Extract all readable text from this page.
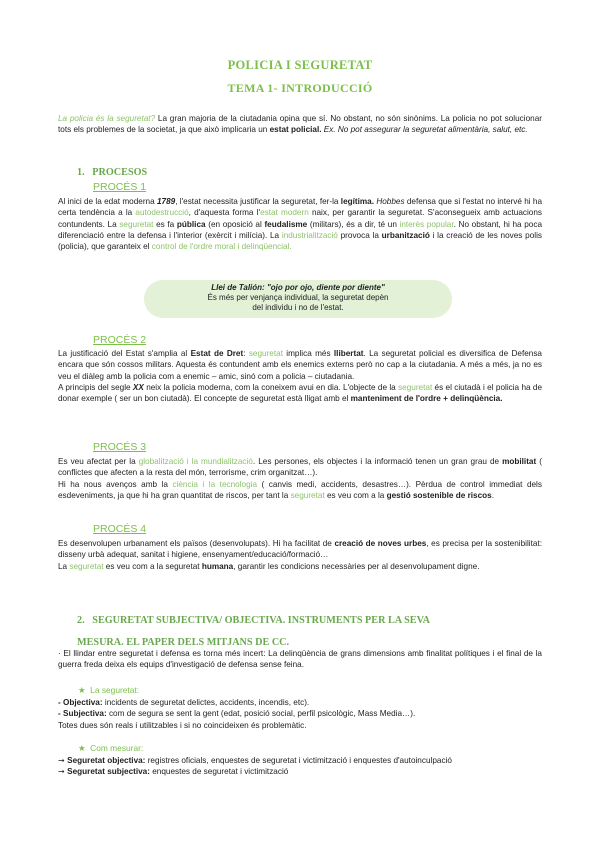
POLICIA I SEGURETAT
TEMA 1- INTRODUCCIÓ
La policia és la seguretat? La gran majoria de la ciutadania opina que sí. No obstant, no són sinònims. La policia no pot solucionar tots els problemes de la societat, ja que això implicaria un estat policial. Ex. No pot assegurar la seguretat alimentària, salut, etc.
1. PROCESOS
PROCÉS 1
Al inici de la edat moderna 1789, l'estat necessita justificar la seguretat, fer-la legítima. Hobbes defensa que si l'estat no intervé hi ha certa tendència a la autodestrucció, d'aquesta forma l'estat modern naix, per garantir la seguretat. S'aconsegueix amb actuacions contundents. La seguretat es fa pública (en oposició al feudalisme (militars), és a dir, té un interès popular. No obstant, hi ha poca diferenciació entre la defensa i l'interior (exèrcit i milícia). La industrialització provoca la urbanització i la creació de les noves polis (policia), que garanteix el control de l'ordre moral i delinqüencial.
Llei de Talión: "ojo por ojo, diente por diente"
És més per venjança individual, la seguretat depèn
del individu i no de l'estat.
PROCÉS 2
La justificació del Estat s'amplia al Estat de Dret: seguretat implica més llibertat. La seguretat policial es diversifica de Defensa encara que són cossos militars. Aquesta és contundent amb els enemics externs però no cap a la ciutadania. A més a més, ja no es veu el diàleg amb la policia com a enemic – amic, sinó com a policia – ciutadania.
A principis del segle XX neix la policia moderna, com la coneixem avui en dia. L'objecte de la seguretat és el ciutadà i el policia ha de donar exemple ( ser un bon ciutadà). El concepte de seguretat està lligat amb el manteniment de l'ordre + delinqüència.
PROCÉS 3
Es veu afectat per la globalització i la mundialització. Les persones, els objectes i la informació tenen un gran grau de mobilitat ( conflictes que afecten a la resta del món, terrorisme, crim organitzat…).
Hi ha nous avenços amb la ciència i la tecnologia ( canvis medi, accidents, desastres…). Pèrdua de control immediat dels esdeveniments, ja que hi ha gran quantitat de riscos, per tant la seguretat es veu com a la gestió sostenible de riscos.
PROCÉS 4
Es desenvolupen urbanament els països (desenvolupats). Hi ha facilitat de creació de noves urbes, es precisa per la sostenibilitat: disseny urbà adequat, sanitat i higiene, ensenyament/educació/formació…
La seguretat es veu com a la seguretat humana, garantir les condicions necessàries per al desenvolupament digne.
2. SEGURETAT SUBJECTIVA/ OBJECTIVA. INSTRUMENTS PER LA SEVA
MESURA. EL PAPER DELS MITJANS DE CC.
· El llindar entre seguretat i defensa es torna més incert: La delinqüència de grans dimensions amb finalitat polítiques i el final de la guerra freda deixa els equips d'investigació de defensa sense feina.
★ La seguretat:
- Objectiva: incidents de seguretat delictes, accidents, incendis, etc).
- Subjectiva: com de segura se sent la gent (edat, posició social, perfil psicològic, Mass Media…).
Totes dues són reals i utilitzables i si no coincideixen és problemàtic.
★ Com mesurar:
➞ Seguretat objectiva: registres oficials, enquestes de seguretat i victimització i enquestes d'autoinculpació
➞ Seguretat subjectiva: enquestes de seguretat i victimització
